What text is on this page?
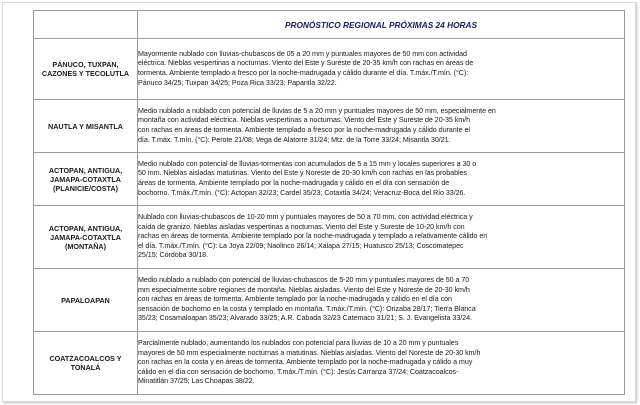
	PRONÓSTICO REGIONAL PRÓXIMAS 24 HORAS
PÁNUCO, TUXPAN, CAZONES Y TECOLUTLA	Mayormente nublado con lluvias-chubascos de 05 a 20 mm y puntuales mayores de 50 mm con actividad
eléctrica. Nieblas vespertinas a nocturnas. Viento del Este y Sureste de 20-35 km/h con rachas en áreas de
tormenta. Ambiente templado a fresco por la noche-madrugada y cálido durante el día. T.máx./T.mín. (°C):
Pánuco 34/25; Tuxpan 34/25; Poza Rica 33/23; Papantla 32/22.

NAUTLA Y MISANTLA	Medio nublado a nublado con potencial de lluvias de 5 a 20 mm y puntuales mayores de 50 mm, especialmente en
montaña con actividad eléctrica. Nieblas vespertinas a nocturnas. Viento del Este y Sureste de 20-35 km/h
con rachas en áreas de tormenta. Ambiente templado a fresco por la noche-madrugada y cálido durante el
día. T.máx. T.mín. (°C): Perote 21/08; Vega de Alatorre 31/24; Mtz. de la Torre 33/24; Misantla 30/21.

ACTOPAN, ANTIGUA, JAMAPA-COTAXTLA (PLANICIE/COSTA)	Medio nublado con potencial de lluvias-tormentas con acumulados de 5 a 15 mm y locales superiores a 30 o
50 mm. Nieblas aisladas matutinas. Viento del Este y Noreste de 20-30 km/h con rachas en las probables
áreas de tormenta. Ambiente templado por la noche-madrugada y cálido en el día con sensación de
bochorno. T.máx./T.mín. (°C): Actopan 32/23; Cardel 35/23; Cotaxtla 34/24; Veracruz-Boca del Río 33/26.

ACTOPAN, ANTIGUA, JAMAPA-COTAXTLA (MONTAÑA)	Nublado con lluvias-chubascos de 10-20 mm y puntuales mayores de 50 a 70 mm, con actividad eléctrica y
caída de granizo. Nieblas aisladas vespertinas a nocturnas. Viento del Este y Sureste de 10-20 km/h con
rachas en áreas de tormenta. Ambiente templado por la noche-madrugada y templado a relativamente cálido en
el día. T.máx./T.mín. (°C): La Joya 22/09; Naolinco 26/14; Xalapa 27/15; Huatusco 25/13; Coscomatepec
25/15; Córdoba 30/18.

PAPALOAPAN	Medio nublado a nublado con potencial de lluvias-chubascos de 5-20 mm y puntuales mayores de 50 a 70
mm especialmente sobre regiones de montaña. Nieblas aisladas. Viento del Este y Noreste de 20-30 km/h
con rachas en áreas de tormenta. Ambiente templado por la noche-madrugada y cálido en el día con
sensación de bochorno en la costa y templado en montaña. T.máx./T.mín. (°C): Orizaba 28/17; Tierra Blanca
35/23; Cosamaloapan 35/23; Alvarado 33/25; A.R. Cabada 32/23 Catemaco 31/21; S. J. Evangelista 33/24.

COATZACOALCOS Y TONALÁ	Parcialmente nublado, aumentando los nublados con potencial para lluvias de 10 a 20 mm y puntuales
mayores de 50 mm especialmente nocturnas a matutinas. Nieblas aisladas. Viento del Noreste de 20-30 km/h
con rachas en la costa y en áreas de tormenta. Ambiente templado por la noche-madrugada y cálido a muy
cálido en el día con sensación de bochorno. T.máx./T.mín. (°C): Jesús Carranza 37/24; Coatzacoalcos-
Minatitlán 37/25; Las Choapas 38/22.
